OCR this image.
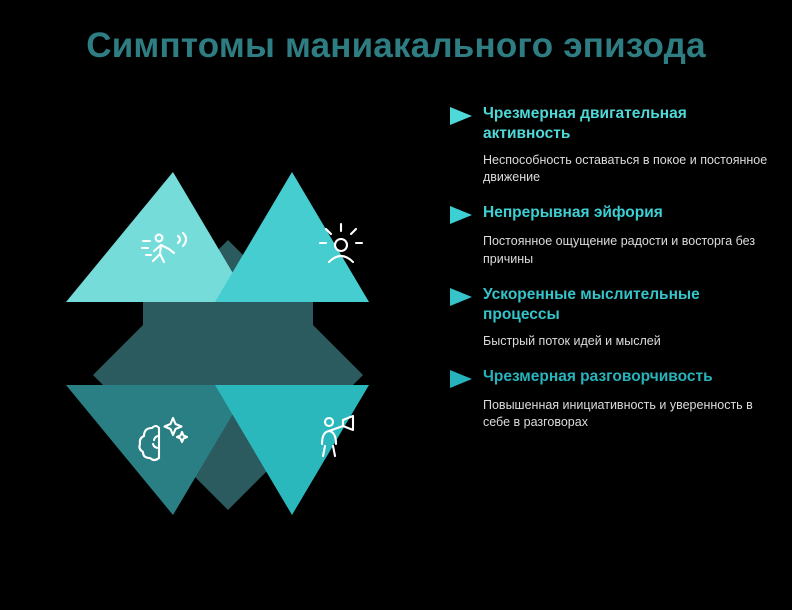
Симптомы маниакального эпизода
Чрезмерная двигательная активность
Неспособность оставаться в покое и постоянное движение
Непрерывная эйфория
Постоянное ощущение радости и восторга без причины
Ускоренные мыслительные процессы
Быстрый поток идей и мыслей
Чрезмерная разговорчивость
Повышенная инициативность и уверенность в себе в разговорах
